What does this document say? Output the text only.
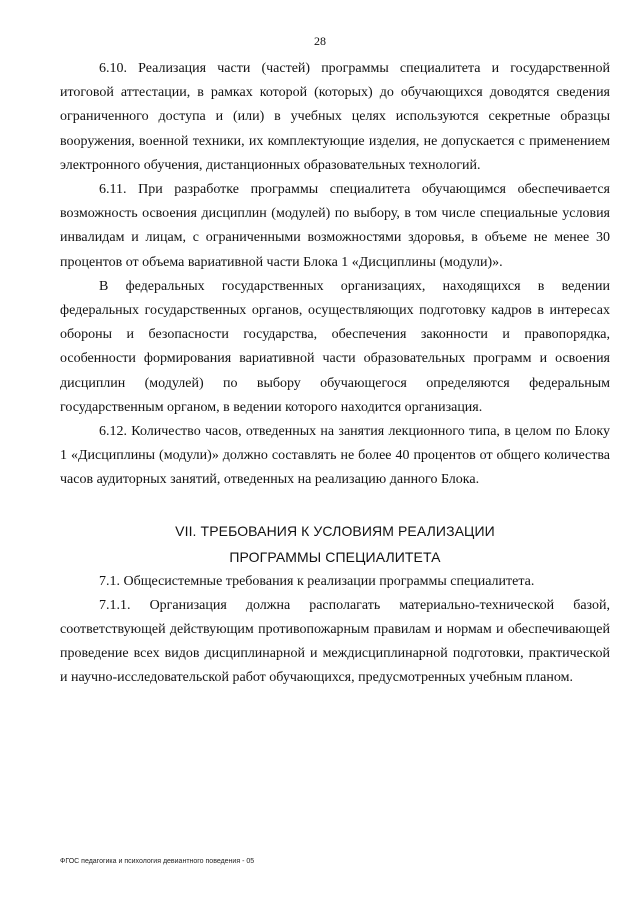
28

6.10. Реализация части (частей) программы специалитета и государственной итоговой аттестации, в рамках которой (которых) до обучающихся доводятся сведения ограниченного доступа и (или) в учебных целях используются секретные образцы вооружения, военной техники, их комплектующие изделия, не допускается с применением электронного обучения, дистанционных образовательных технологий.

6.11. При разработке программы специалитета обучающимся обеспечивается возможность освоения дисциплин (модулей) по выбору, в том числе специальные условия инвалидам и лицам, с ограниченными возможностями здоровья, в объеме не менее 30 процентов от объема вариативной части Блока 1 «Дисциплины (модули)».

В федеральных государственных организациях, находящихся в ведении федеральных государственных органов, осуществляющих подготовку кадров в интересах обороны и безопасности государства, обеспечения законности и правопорядка, особенности формирования вариативной части образовательных программ и освоения дисциплин (модулей) по выбору обучающегося определяются федеральным государственным органом, в ведении которого находится организация.

6.12. Количество часов, отведенных на занятия лекционного типа, в целом по Блоку 1 «Дисциплины (модули)» должно составлять не более 40 процентов от общего количества часов аудиторных занятий, отведенных на реализацию данного Блока.

VII. ТРЕБОВАНИЯ К УСЛОВИЯМ РЕАЛИЗАЦИИ
ПРОГРАММЫ СПЕЦИАЛИТЕТА

7.1. Общесистемные требования к реализации программы специалитета.

7.1.1. Организация должна располагать материально-технической базой, соответствующей действующим противопожарным правилам и нормам и обеспечивающей проведение всех видов дисциплинарной и междисциплинарной подготовки, практической и научно-исследовательской работ обучающихся, предусмотренных учебным планом.

ФГОС педагогика и психология девиантного поведения - 05
